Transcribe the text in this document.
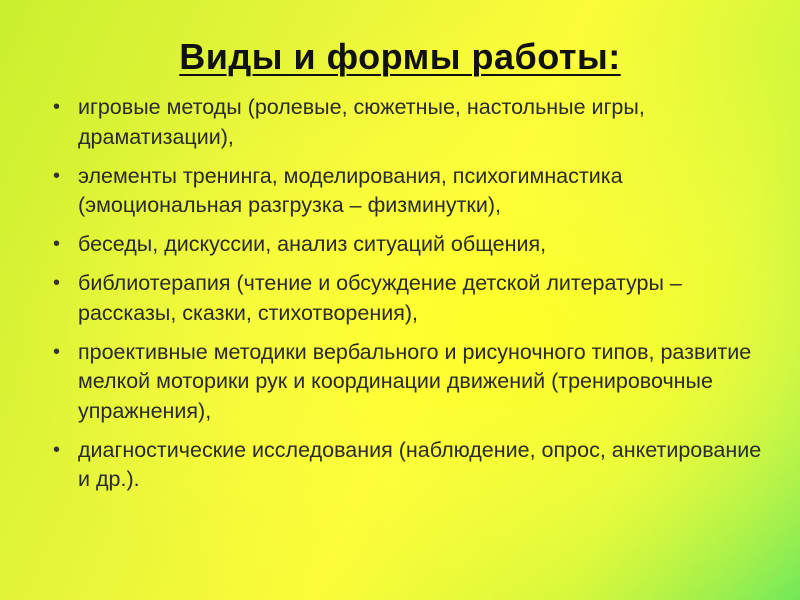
Виды и формы работы:
• игровые методы (ролевые, сюжетные, настольные игры, драматизации),
• элементы тренинга, моделирования, психогимнастика (эмоциональная разгрузка – физминутки),
• беседы, дискуссии, анализ ситуаций общения,
• библиотерапия (чтение и обсуждение детской литературы – рассказы, сказки, стихотворения),
• проективные методики вербального и рисуночного типов, развитие мелкой моторики рук и координации движений (тренировочные упражнения),
• диагностические исследования (наблюдение, опрос, анкетирование и др.).
